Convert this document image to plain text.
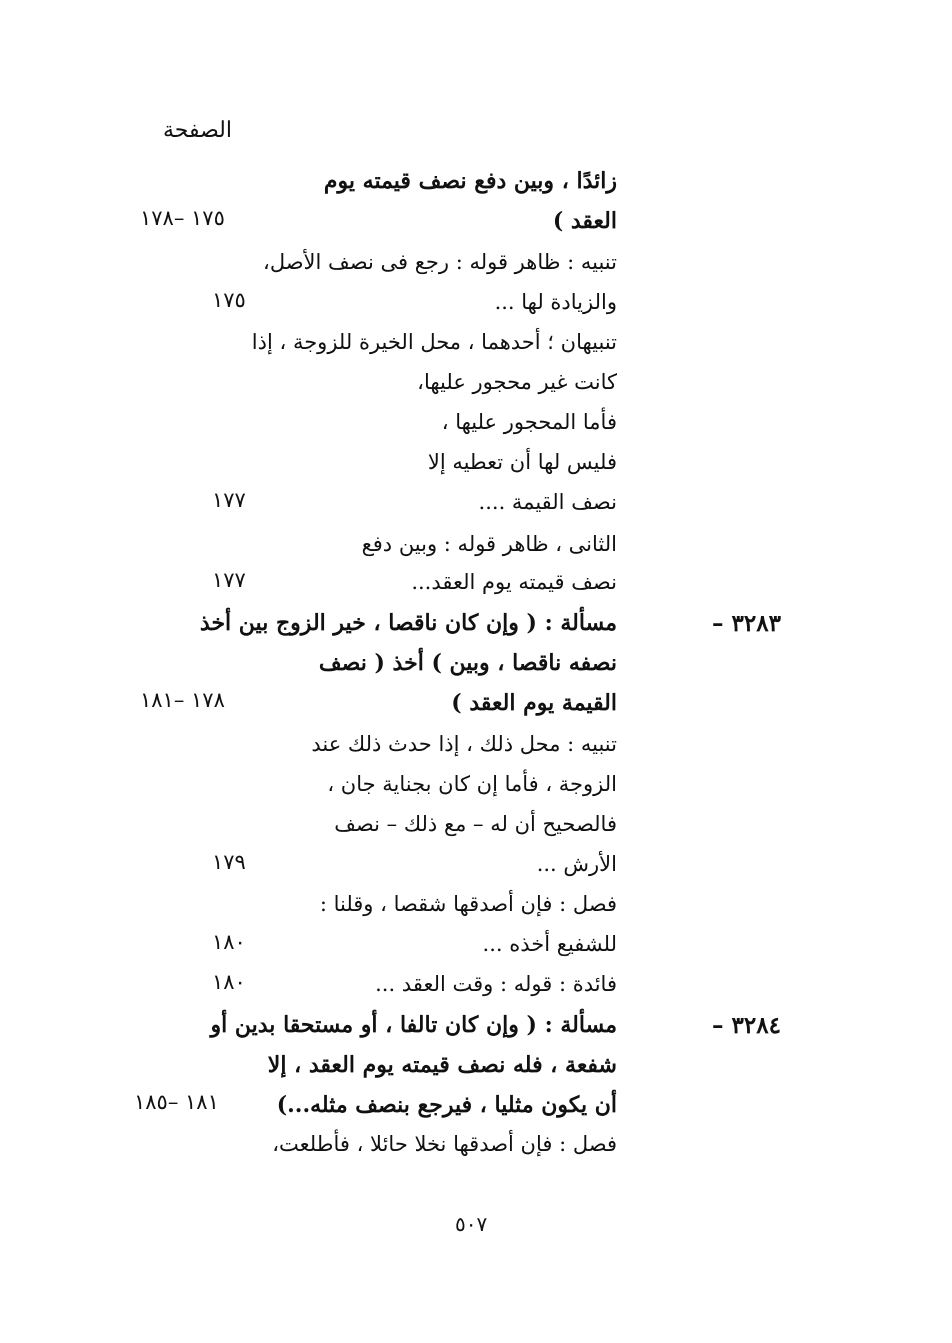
الصفحة
زائدًا ، وبين دفع نصف قيمته يوم
العقد )
١٧٥ –١٧٨
تنبيه : ظاهر قوله : رجع فى نصف الأصل،
والزيادة لها ...
١٧٥
تنبيهان ؛ أحدهما ، محل الخيرة للزوجة ، إذا
كانت غير محجور عليها،
فأما المحجور عليها ،
فليس لها أن تعطيه إلا
نصف القيمة ....
١٧٧
الثانى ، ظاهر قوله : وبين دفع
نصف قيمته يوم العقد...
١٧٧
٣٢٨٣ –
مسألة : ( وإن كان ناقصا ، خير الزوج بين أخذ
نصفه ناقصا ، وبين ) أخذ ( نصف
القيمة يوم العقد )
١٧٨ –١٨١
تنبيه : محل ذلك ، إذا حدث ذلك عند
الزوجة ، فأما إن كان بجناية جان ،
فالصحيح أن له – مع ذلك – نصف
الأرش ...
١٧٩
فصل : فإن أصدقها شقصا ، وقلنا :
للشفيع أخذه ...
١٨٠
فائدة : قوله : وقت العقد ...
١٨٠
٣٢٨٤ –
مسألة : ( وإن كان تالفا ، أو مستحقا بدين أو
شفعة ، فله نصف قيمته يوم العقد ، إلا
أن يكون مثليا ، فيرجع بنصف مثله...)
١٨١ –١٨٥
فصل : فإن أصدقها نخلا حائلا ، فأطلعت،
٥٠٧
